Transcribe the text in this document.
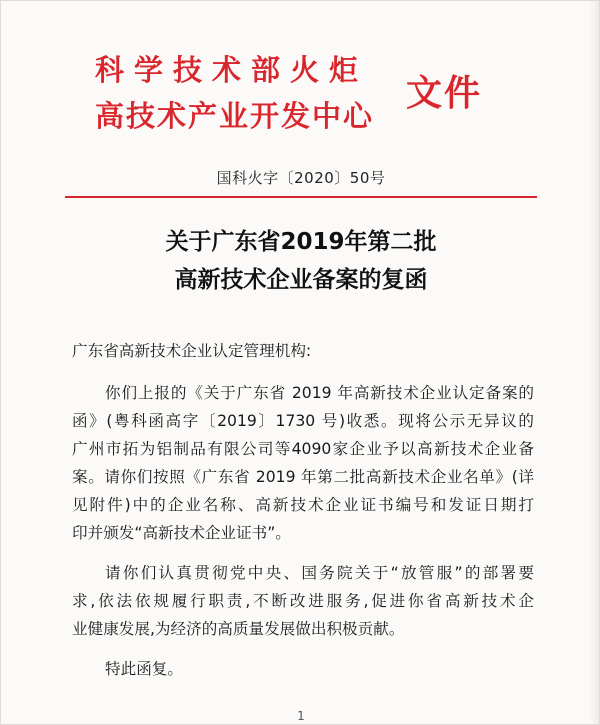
科学技术部火炬
高技术产业开发中心
文件
国科火字〔2020〕50号
关于广东省2019年第二批
高新技术企业备案的复函
广东省高新技术企业认定管理机构:
你们上报的《关于广东省 2019 年高新技术企业认定备案的
函》(粤科函高字〔2019〕1730 号)收悉。现将公示无异议的
广州市拓为铝制品有限公司等4090家企业予以高新技术企业备
案。请你们按照《广东省 2019 年第二批高新技术企业名单》(详
见附件)中的企业名称、高新技术企业证书编号和发证日期打
印并颁发“高新技术企业证书”。
请你们认真贯彻党中央、国务院关于“放管服”的部署要
求,依法依规履行职责,不断改进服务,促进你省高新技术企
业健康发展,为经济的高质量发展做出积极贡献。
特此函复。
1
